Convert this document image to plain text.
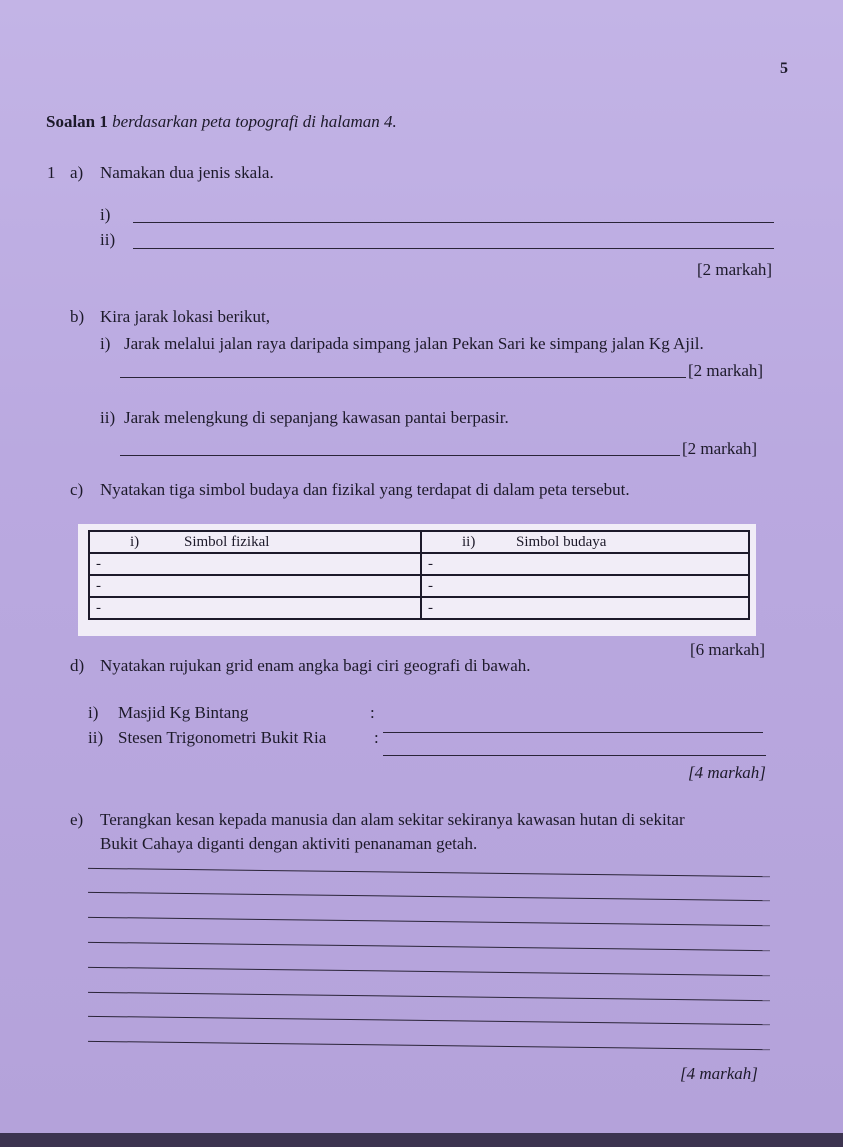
5
Soalan 1 berdasarkan peta topografi di halaman 4.
1 a) Namakan dua jenis skala.
i)
ii)
[2 markah]
b) Kira jarak lokasi berikut,
i) Jarak melalui jalan raya daripada simpang jalan Pekan Sari ke simpang jalan Kg Ajil.
[2 markah]
ii) Jarak melengkung di sepanjang kawasan pantai berpasir.
[2 markah]
c) Nyatakan tiga simbol budaya dan fizikal yang terdapat di dalam peta tersebut.
i) Simbol fizikal	ii) Simbol budaya
-	-
-	-
-	-
[6 markah]
d) Nyatakan rujukan grid enam angka bagi ciri geografi di bawah.
i) Masjid Kg Bintang	:
ii) Stesen Trigonometri Bukit Ria	:
[4 markah]
e) Terangkan kesan kepada manusia dan alam sekitar sekiranya kawasan hutan di sekitar
Bukit Cahaya diganti dengan aktiviti penanaman getah.
[4 markah]
